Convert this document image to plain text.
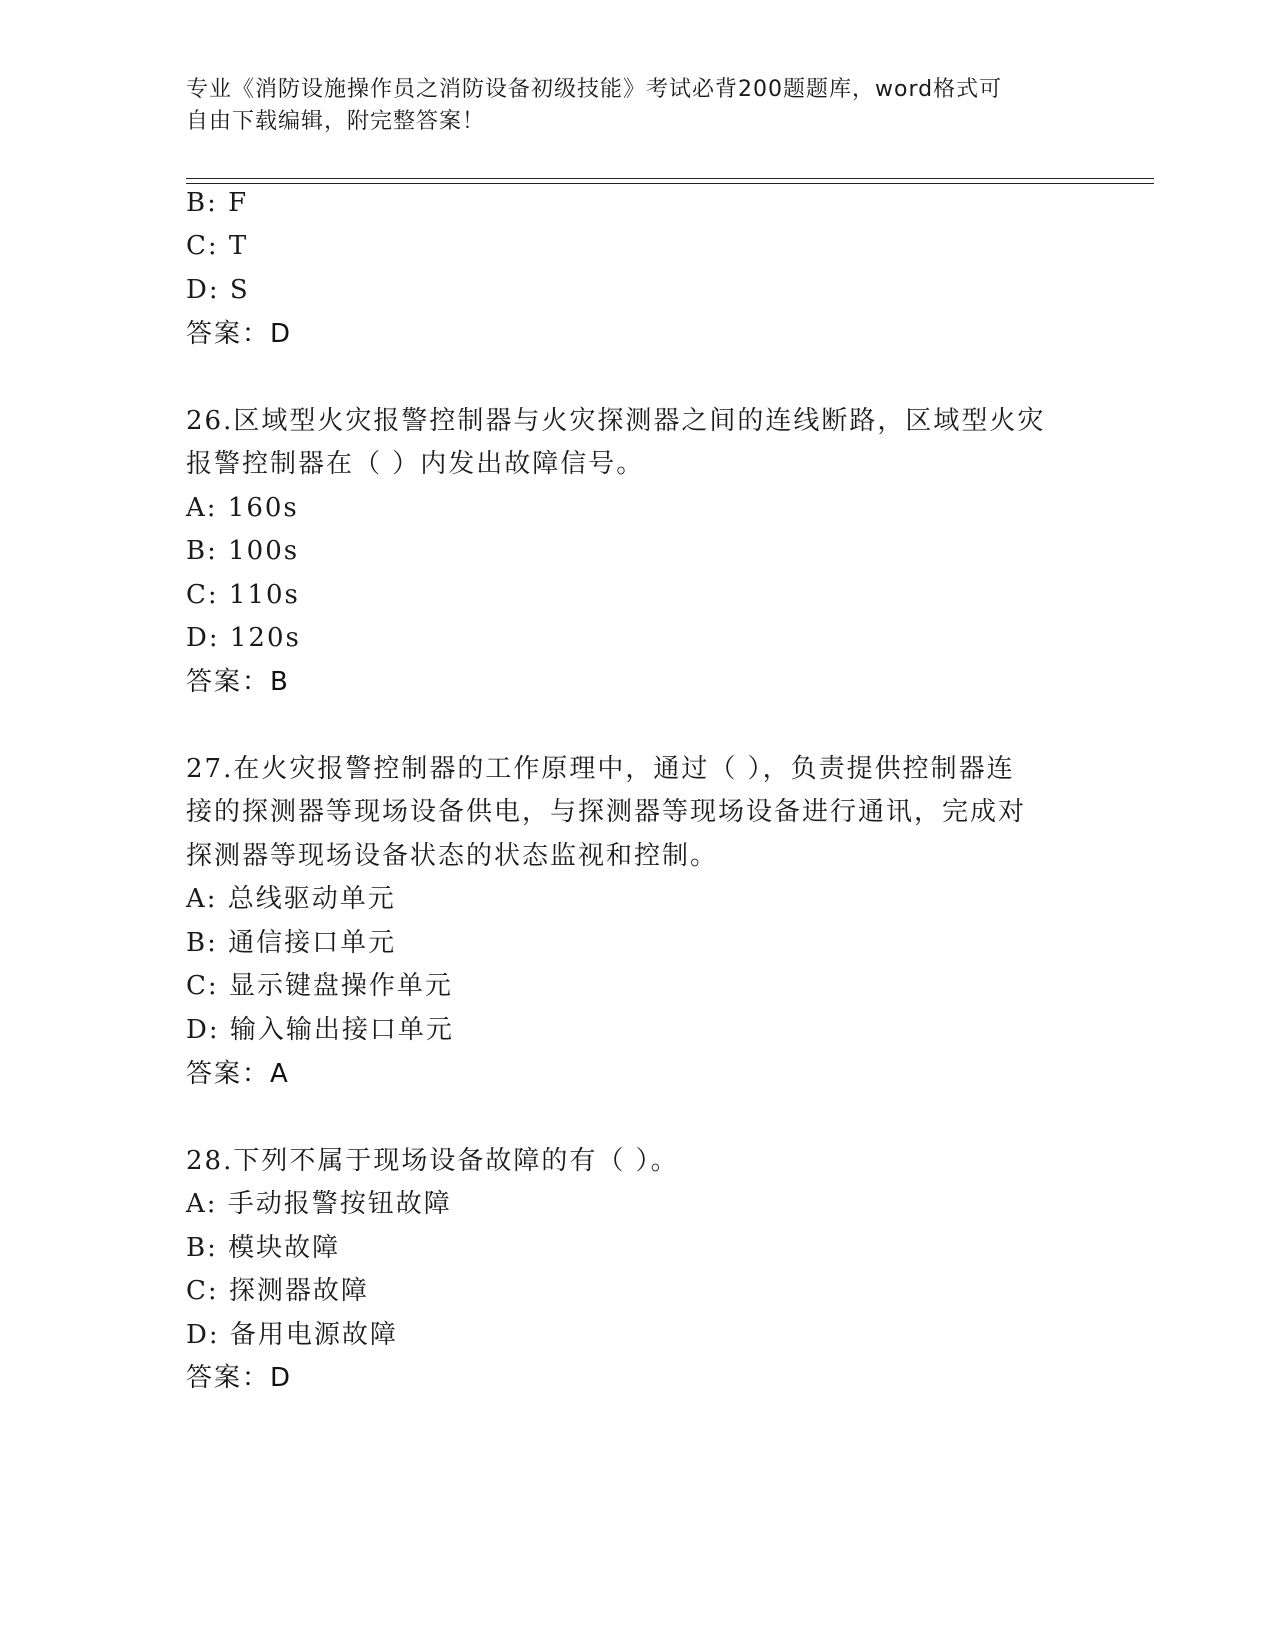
专业《消防设施操作员之消防设备初级技能》考试必背200题题库，word格式可
自由下载编辑，附完整答案！
B: F
C: T
D: S
答案：D
26.区域型火灾报警控制器与火灾探测器之间的连线断路，区域型火灾
报警控制器在（ ）内发出故障信号。
A: 160s
B: 100s
C: 110s
D: 120s
答案：B
27.在火灾报警控制器的工作原理中，通过（ ），负责提供控制器连
接的探测器等现场设备供电，与探测器等现场设备进行通讯，完成对
探测器等现场设备状态的状态监视和控制。
A: 总线驱动单元
B: 通信接口单元
C: 显示键盘操作单元
D: 输入输出接口单元
答案：A
28.下列不属于现场设备故障的有（ ）。
A: 手动报警按钮故障
B: 模块故障
C: 探测器故障
D: 备用电源故障
答案：D
